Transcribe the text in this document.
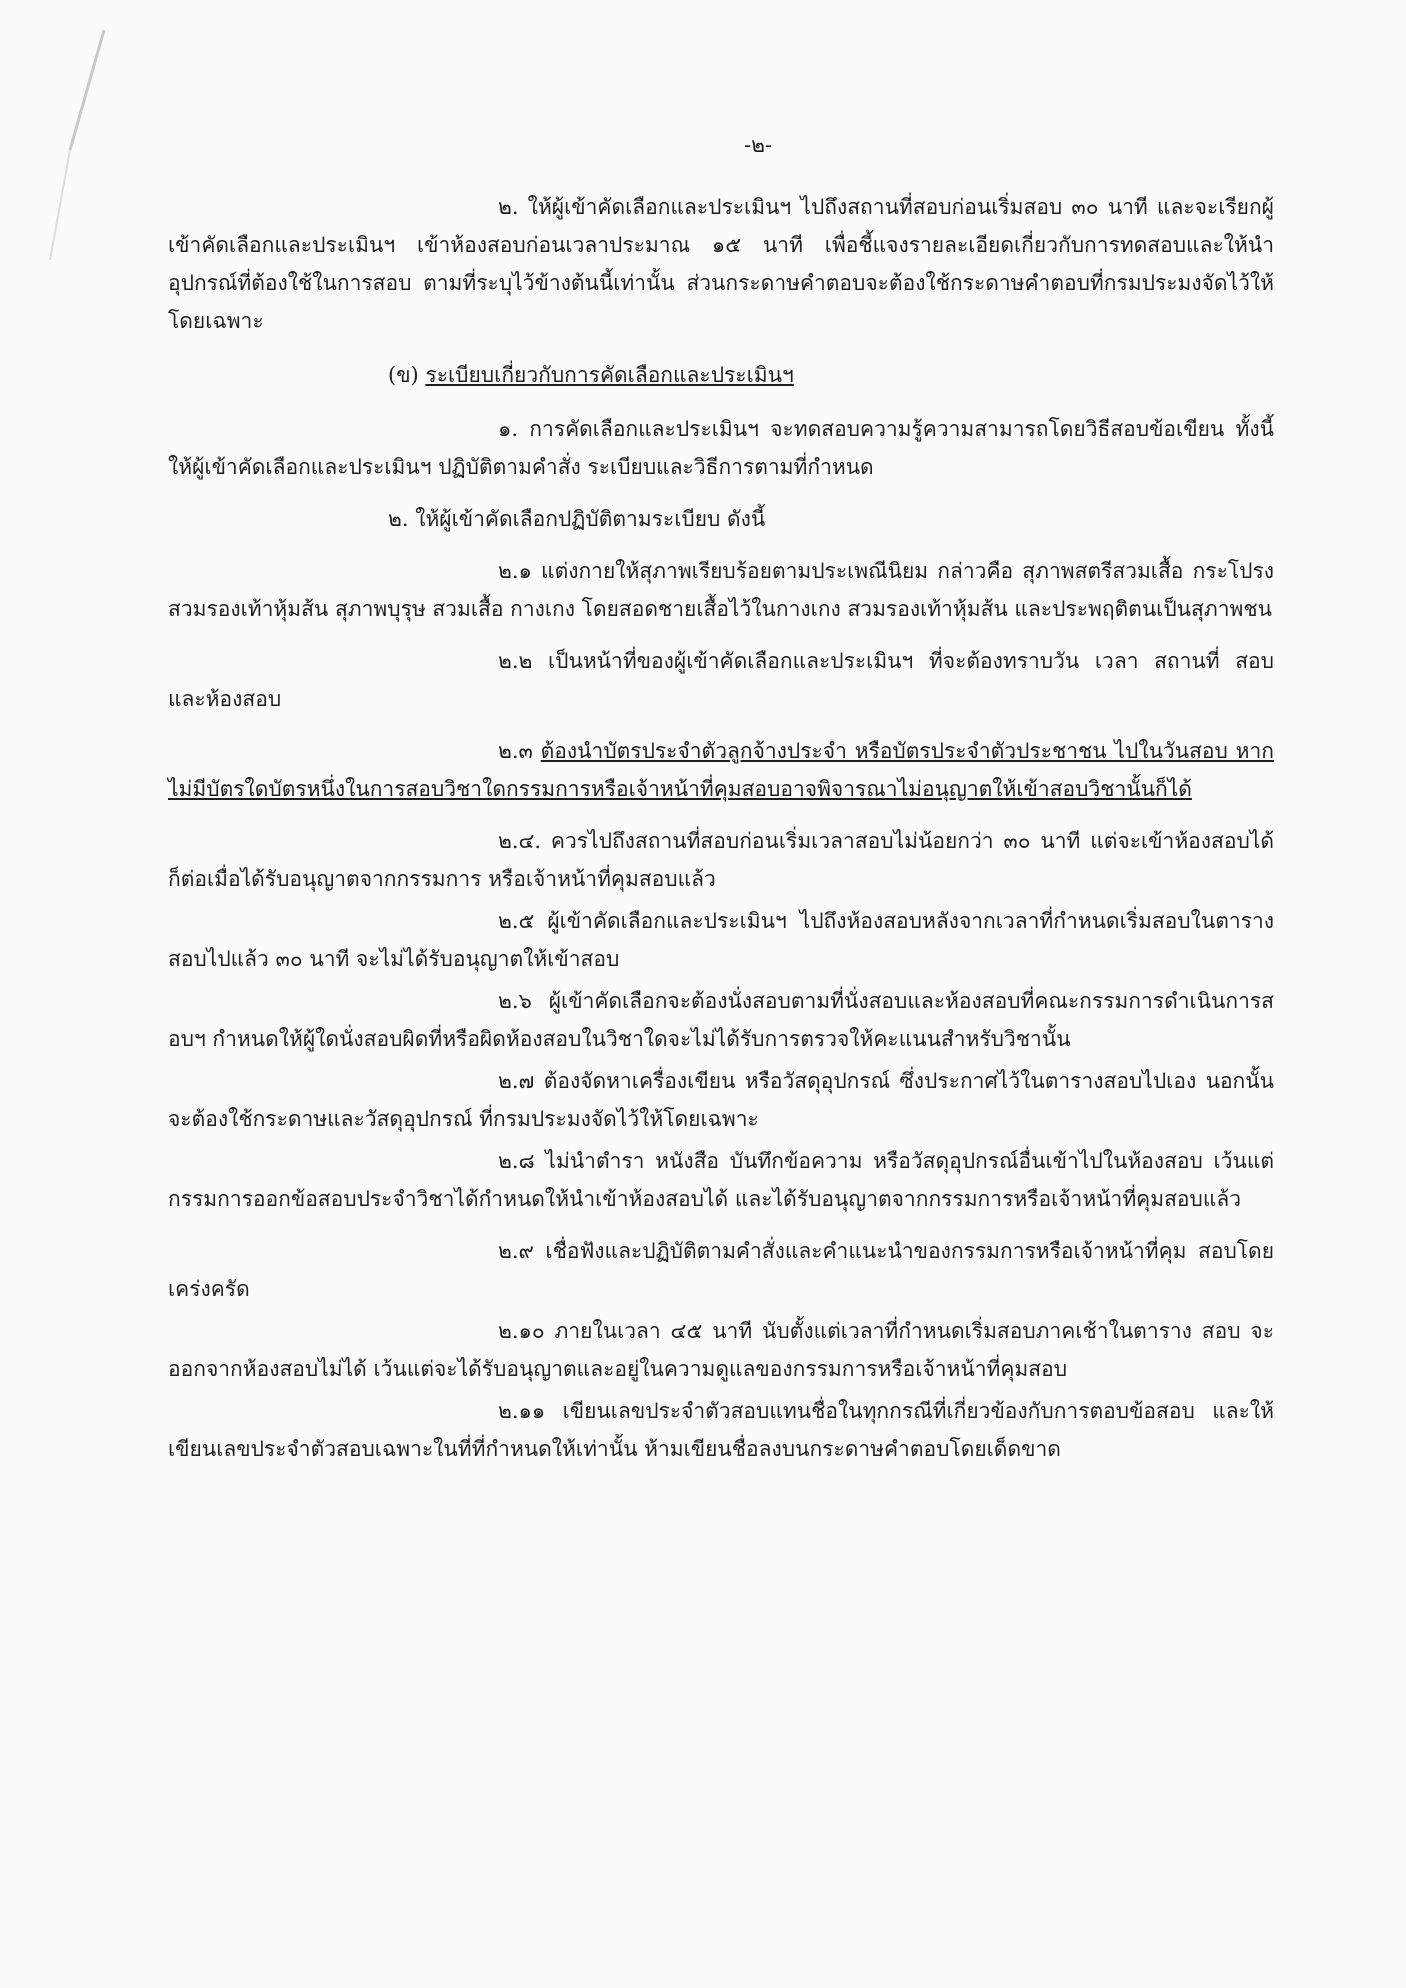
-๒-

๒. ให้ผู้เข้าคัดเลือกและประเมินฯ ไปถึงสถานที่สอบก่อนเริ่มสอบ ๓๐ นาที และจะเรียกผู้เข้าคัดเลือกและประเมินฯ เข้าห้องสอบก่อนเวลาประมาณ ๑๕ นาที เพื่อชี้แจงรายละเอียดเกี่ยวกับการทดสอบและให้นำอุปกรณ์ที่ต้องใช้ในการสอบ ตามที่ระบุไว้ข้างต้นนี้เท่านั้น ส่วนกระดาษคำตอบจะต้องใช้กระดาษคำตอบที่กรมประมงจัดไว้ให้โดยเฉพาะ

(ข) ระเบียบเกี่ยวกับการคัดเลือกและประเมินฯ

๑. การคัดเลือกและประเมินฯ จะทดสอบความรู้ความสามารถโดยวิธีสอบข้อเขียน ทั้งนี้ ให้ผู้เข้าคัดเลือกและประเมินฯ ปฏิบัติตามคำสั่ง ระเบียบและวิธีการตามที่กำหนด

๒. ให้ผู้เข้าคัดเลือกปฏิบัติตามระเบียบ ดังนี้

๒.๑ แต่งกายให้สุภาพเรียบร้อยตามประเพณีนิยม กล่าวคือ สุภาพสตรีสวมเสื้อ กระโปรง สวมรองเท้าหุ้มส้น สุภาพบุรุษ สวมเสื้อ กางเกง โดยสอดชายเสื้อไว้ในกางเกง สวมรองเท้าหุ้มส้น และประพฤติตนเป็นสุภาพชน

๒.๒ เป็นหน้าที่ของผู้เข้าคัดเลือกและประเมินฯ ที่จะต้องทราบวัน เวลา สถานที่ สอบและห้องสอบ

๒.๓ ต้องนำบัตรประจำตัวลูกจ้างประจำ หรือบัตรประจำตัวประชาชน ไปในวันสอบ หากไม่มีบัตรใดบัตรหนึ่งในการสอบวิชาใดกรรมการหรือเจ้าหน้าที่คุมสอบอาจพิจารณาไม่อนุญาตให้เข้าสอบวิชานั้นก็ได้

๒.๔. ควรไปถึงสถานที่สอบก่อนเริ่มเวลาสอบไม่น้อยกว่า ๓๐ นาที แต่จะเข้าห้องสอบได้ก็ต่อเมื่อได้รับอนุญาตจากกรรมการ หรือเจ้าหน้าที่คุมสอบแล้ว

๒.๕ ผู้เข้าคัดเลือกและประเมินฯ ไปถึงห้องสอบหลังจากเวลาที่กำหนดเริ่มสอบในตารางสอบไปแล้ว ๓๐ นาที จะไม่ได้รับอนุญาตให้เข้าสอบ

๒.๖ ผู้เข้าคัดเลือกจะต้องนั่งสอบตามที่นั่งสอบและห้องสอบที่คณะกรรมการดำเนินการสอบฯ กำหนดให้ผู้ใดนั่งสอบผิดที่หรือผิดห้องสอบในวิชาใดจะไม่ได้รับการตรวจให้คะแนนสำหรับวิชานั้น

๒.๗ ต้องจัดหาเครื่องเขียน หรือวัสดุอุปกรณ์ ซึ่งประกาศไว้ในตารางสอบไปเอง นอกนั้นจะต้องใช้กระดาษและวัสดุอุปกรณ์ ที่กรมประมงจัดไว้ให้โดยเฉพาะ

๒.๘ ไม่นำตำรา หนังสือ บันทึกข้อความ หรือวัสดุอุปกรณ์อื่นเข้าไปในห้องสอบ เว้นแต่กรรมการออกข้อสอบประจำวิชาได้กำหนดให้นำเข้าห้องสอบได้ และได้รับอนุญาตจากกรรมการหรือเจ้าหน้าที่คุมสอบแล้ว

๒.๙ เชื่อฟังและปฏิบัติตามคำสั่งและคำแนะนำของกรรมการหรือเจ้าหน้าที่คุม สอบโดยเคร่งครัด

๒.๑๐ ภายในเวลา ๔๕ นาที นับตั้งแต่เวลาที่กำหนดเริ่มสอบภาคเช้าในตาราง สอบ จะออกจากห้องสอบไม่ได้ เว้นแต่จะได้รับอนุญาตและอยู่ในความดูแลของกรรมการหรือเจ้าหน้าที่คุมสอบ

๒.๑๑ เขียนเลขประจำตัวสอบแทนชื่อในทุกกรณีที่เกี่ยวข้องกับการตอบข้อสอบ และให้เขียนเลขประจำตัวสอบเฉพาะในที่ที่กำหนดให้เท่านั้น ห้ามเขียนชื่อลงบนกระดาษคำตอบโดยเด็ดขาด
